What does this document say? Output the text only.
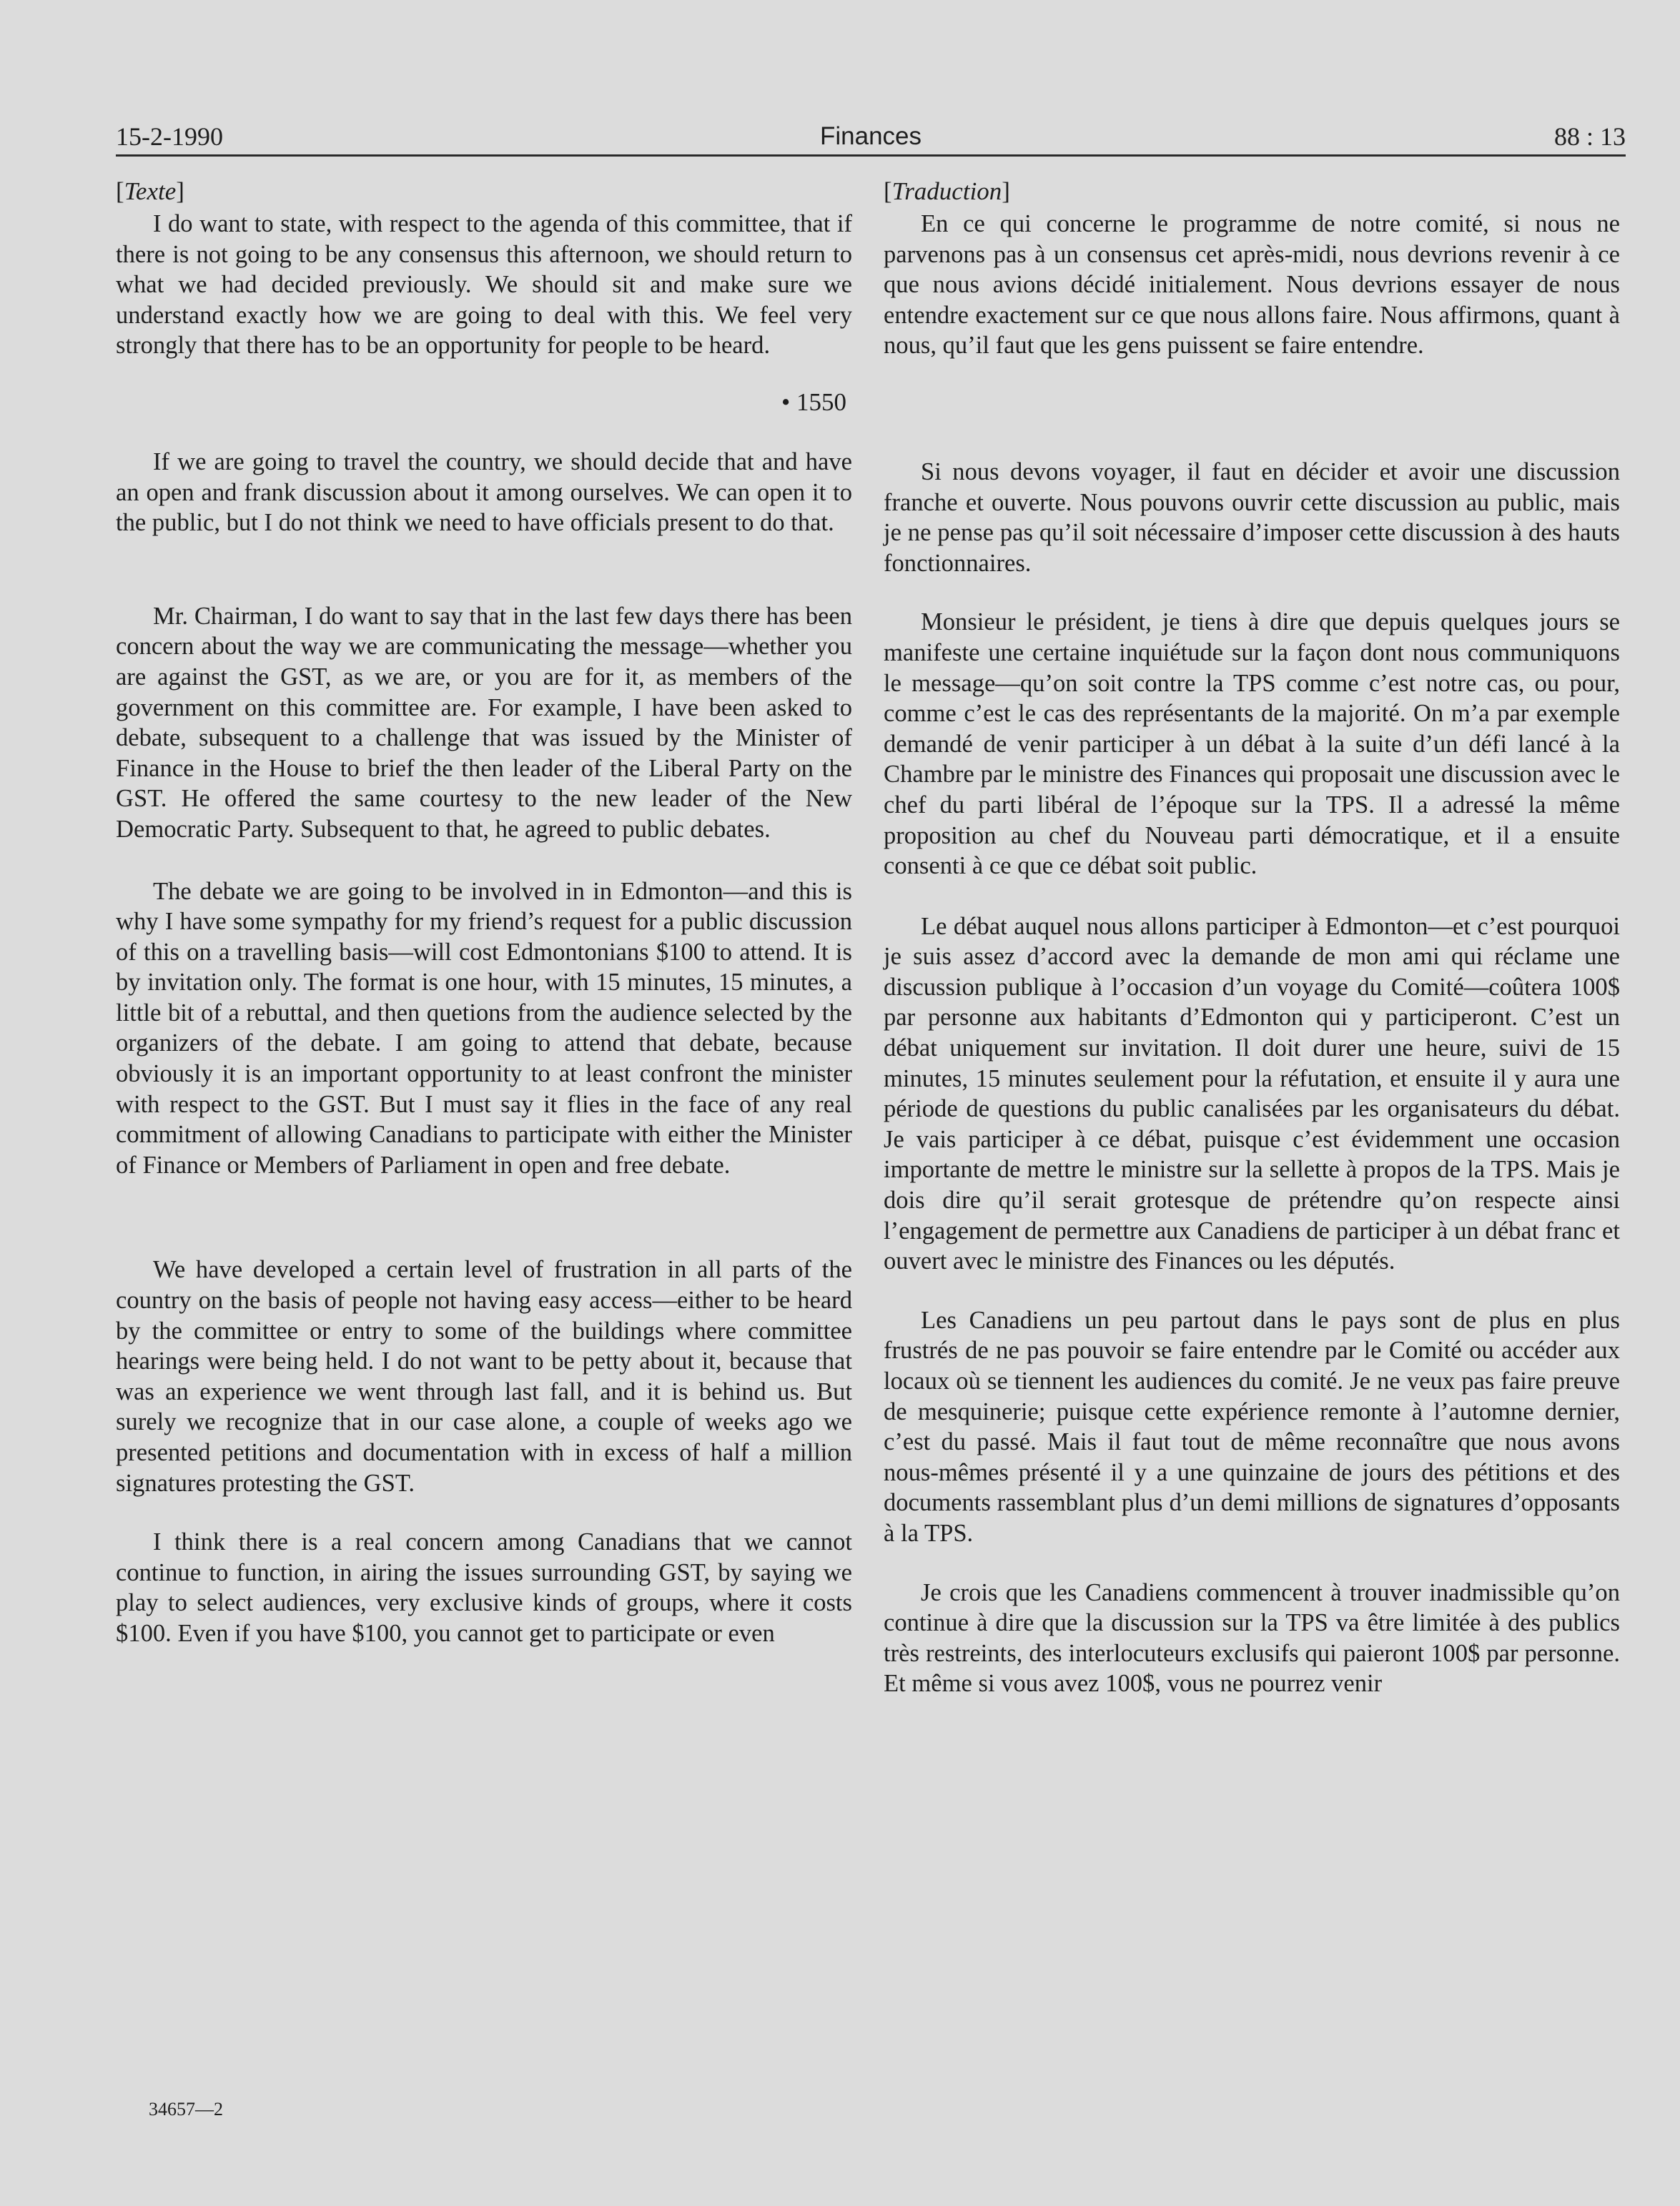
15-2-1990	Finances	88 : 13
[Texte]

I do want to state, with respect to the agenda of this committee, that if there is not going to be any consensus this afternoon, we should return to what we had decided previously. We should sit and make sure we understand exactly how we are going to deal with this. We feel very strongly that there has to be an opportunity for people to be heard.

• 1550

If we are going to travel the country, we should decide that and have an open and frank discussion about it among ourselves. We can open it to the public, but I do not think we need to have officials present to do that.

Mr. Chairman, I do want to say that in the last few days there has been concern about the way we are communicating the message—whether you are against the GST, as we are, or you are for it, as members of the government on this committee are. For example, I have been asked to debate, subsequent to a challenge that was issued by the Minister of Finance in the House to brief the then leader of the Liberal Party on the GST. He offered the same courtesy to the new leader of the New Democratic Party. Subsequent to that, he agreed to public debates.

The debate we are going to be involved in in Edmonton—and this is why I have some sympathy for my friend’s request for a public discussion of this on a travelling basis—will cost Edmontonians $100 to attend. It is by invitation only. The format is one hour, with 15 minutes, 15 minutes, a little bit of a rebuttal, and then quetions from the audience selected by the organizers of the debate. I am going to attend that debate, because obviously it is an important opportunity to at least confront the minister with respect to the GST. But I must say it flies in the face of any real commitment of allowing Canadians to participate with either the Minister of Finance or Members of Parliament in open and free debate.

We have developed a certain level of frustration in all parts of the country on the basis of people not having easy access—either to be heard by the committee or entry to some of the buildings where committee hearings were being held. I do not want to be petty about it, because that was an experience we went through last fall, and it is behind us. But surely we recognize that in our case alone, a couple of weeks ago we presented petitions and documentation with in excess of half a million signatures protesting the GST.

I think there is a real concern among Canadians that we cannot continue to function, in airing the issues surrounding GST, by saying we play to select audiences, very exclusive kinds of groups, where it costs $100. Even if you have $100, you cannot get to participate or even

[Traduction]

En ce qui concerne le programme de notre comité, si nous ne parvenons pas à un consensus cet après-midi, nous devrions revenir à ce que nous avions décidé initialement. Nous devrions essayer de nous entendre exactement sur ce que nous allons faire. Nous affirmons, quant à nous, qu’il faut que les gens puissent se faire entendre.

Si nous devons voyager, il faut en décider et avoir une discussion franche et ouverte. Nous pouvons ouvrir cette discussion au public, mais je ne pense pas qu’il soit nécessaire d’imposer cette discussion à des hauts fonctionnaires.

Monsieur le président, je tiens à dire que depuis quelques jours se manifeste une certaine inquiétude sur la façon dont nous communiquons le message—qu’on soit contre la TPS comme c’est notre cas, ou pour, comme c’est le cas des représentants de la majorité. On m’a par exemple demandé de venir participer à un débat à la suite d’un défi lancé à la Chambre par le ministre des Finances qui proposait une discussion avec le chef du parti libéral de l’époque sur la TPS. Il a adressé la même proposition au chef du Nouveau parti démocratique, et il a ensuite consenti à ce que ce débat soit public.

Le débat auquel nous allons participer à Edmonton—et c’est pourquoi je suis assez d’accord avec la demande de mon ami qui réclame une discussion publique à l’occasion d’un voyage du Comité—coûtera 100$ par personne aux habitants d’Edmonton qui y participeront. C’est un débat uniquement sur invitation. Il doit durer une heure, suivi de 15 minutes, 15 minutes seulement pour la réfutation, et ensuite il y aura une période de questions du public canalisées par les organisateurs du débat. Je vais participer à ce débat, puisque c’est évidemment une occasion importante de mettre le ministre sur la sellette à propos de la TPS. Mais je dois dire qu’il serait grotesque de prétendre qu’on respecte ainsi l’engagement de permettre aux Canadiens de participer à un débat franc et ouvert avec le ministre des Finances ou les députés.

Les Canadiens un peu partout dans le pays sont de plus en plus frustrés de ne pas pouvoir se faire entendre par le Comité ou accéder aux locaux où se tiennent les audiences du comité. Je ne veux pas faire preuve de mesquinerie; puisque cette expérience remonte à l’automne dernier, c’est du passé. Mais il faut tout de même reconnaître que nous avons nous-mêmes présenté il y a une quinzaine de jours des pétitions et des documents rassemblant plus d’un demi millions de signatures d’opposants à la TPS.

Je crois que les Canadiens commencent à trouver inadmissible qu’on continue à dire que la discussion sur la TPS va être limitée à des publics très restreints, des interlocuteurs exclusifs qui paieront 100$ par personne. Et même si vous avez 100$, vous ne pourrez venir

34657—2
